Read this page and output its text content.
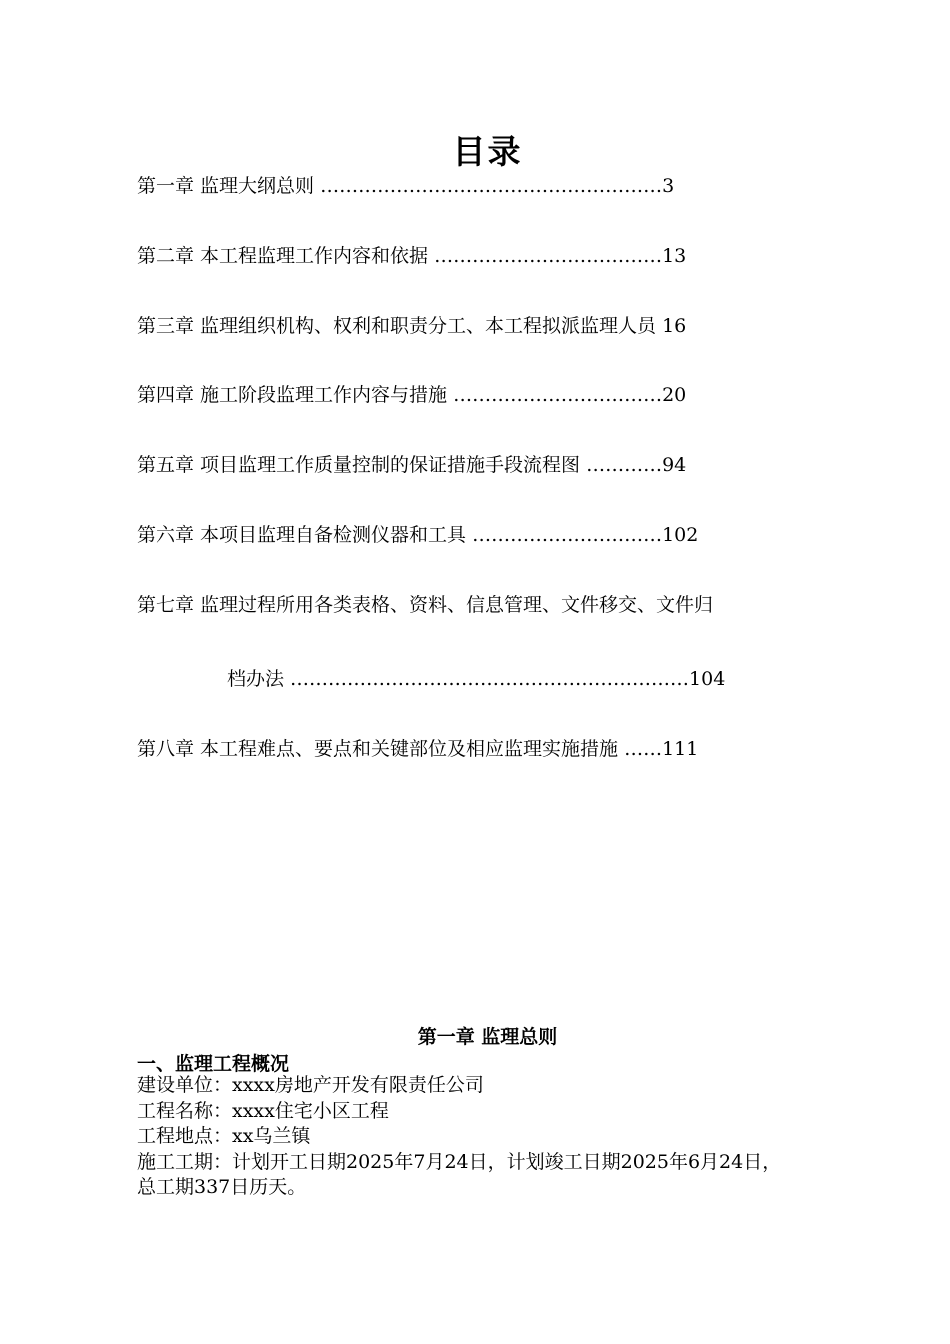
目录
第一章 监理大纲总则 ………………………………………………3
第二章 本工程监理工作内容和依据 ………………………………13
第三章 监理组织机构、权利和职责分工、本工程拟派监理人员 16
第四章 施工阶段监理工作内容与措施 ……………………………20
第五章 项目监理工作质量控制的保证措施手段流程图 …………94
第六章 本项目监理自备检测仪器和工具 …………………………102
第七章 监理过程所用各类表格、资料、信息管理、文件移交、文件归
档办法 ………………………………………………………104
第八章 本工程难点、要点和关键部位及相应监理实施措施 ……111
第一章 监理总则
一、监理工程概况
建设单位：xxxx房地产开发有限责任公司
工程名称：xxxx住宅小区工程
工程地点：xx乌兰镇
施工工期：计划开工日期2025年7月24日，计划竣工日期2025年6月24日，
总工期337日历天。
